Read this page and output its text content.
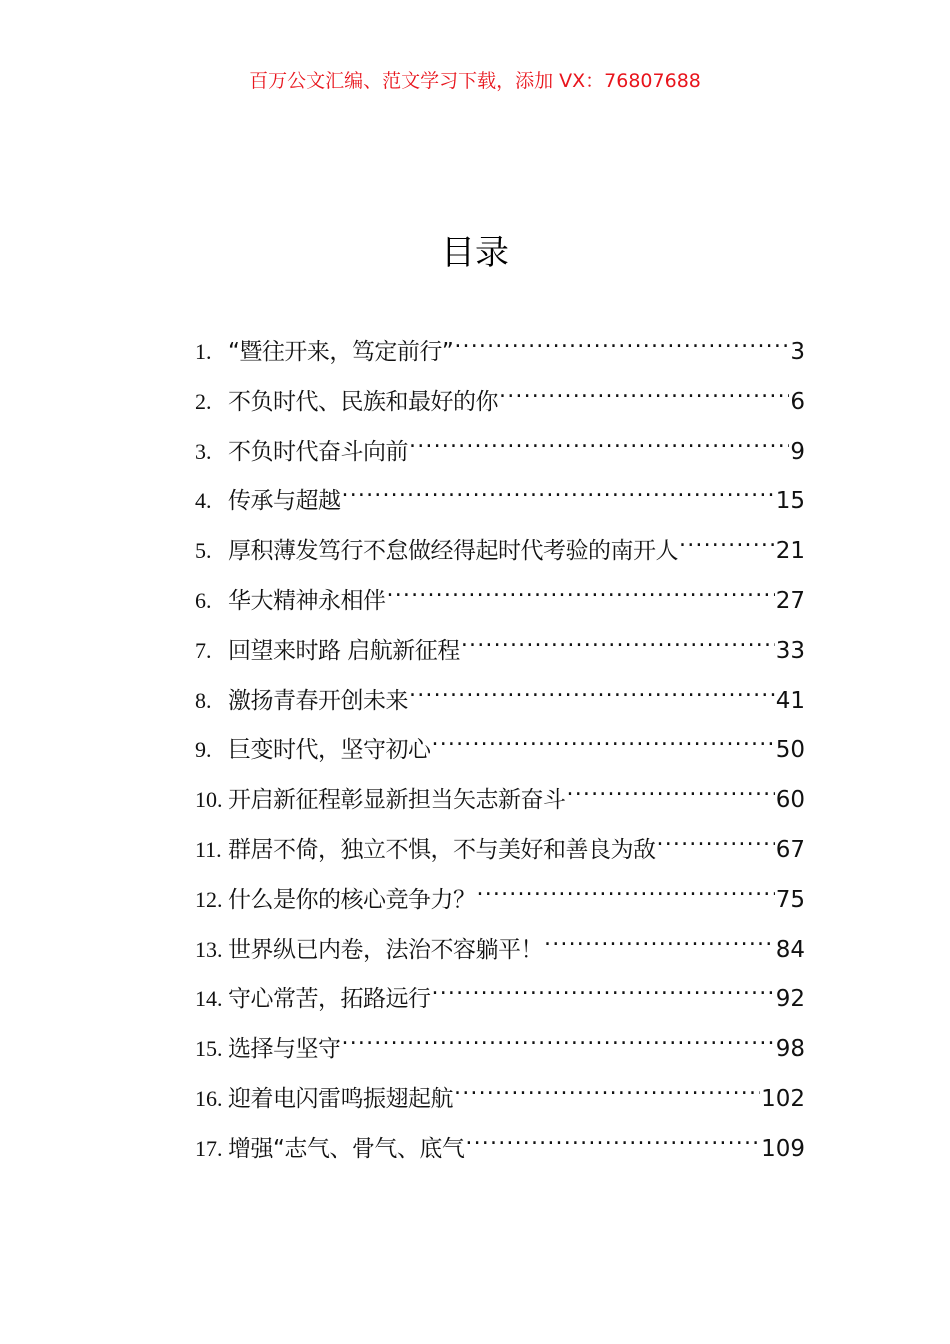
百万公文汇编、范文学习下载，添加 VX：76807688
目录
1. “暨往开来，笃定前行” .....	3
2. 不负时代、民族和最好的你 .....	6
3. 不负时代奋斗向前 .....	9
4. 传承与超越 .....	15
5. 厚积薄发笃行不怠做经得起时代考验的南开人 .....	21
6. 华大精神永相伴 .....	27
7. 回望来时路 启航新征程 .....	33
8. 激扬青春开创未来 .....	41
9. 巨变时代，坚守初心 .....	50
10. 开启新征程彰显新担当矢志新奋斗 .....	60
11. 群居不倚，独立不惧，不与美好和善良为敌 .....	67
12. 什么是你的核心竞争力？ .....	75
13. 世界纵已内卷，法治不容躺平！ .....	84
14. 守心常苦，拓路远行 .....	92
15. 选择与坚守 .....	98
16. 迎着电闪雷鸣振翅起航 .....	102
17. 增强“志气、骨气、底气 .....	109
